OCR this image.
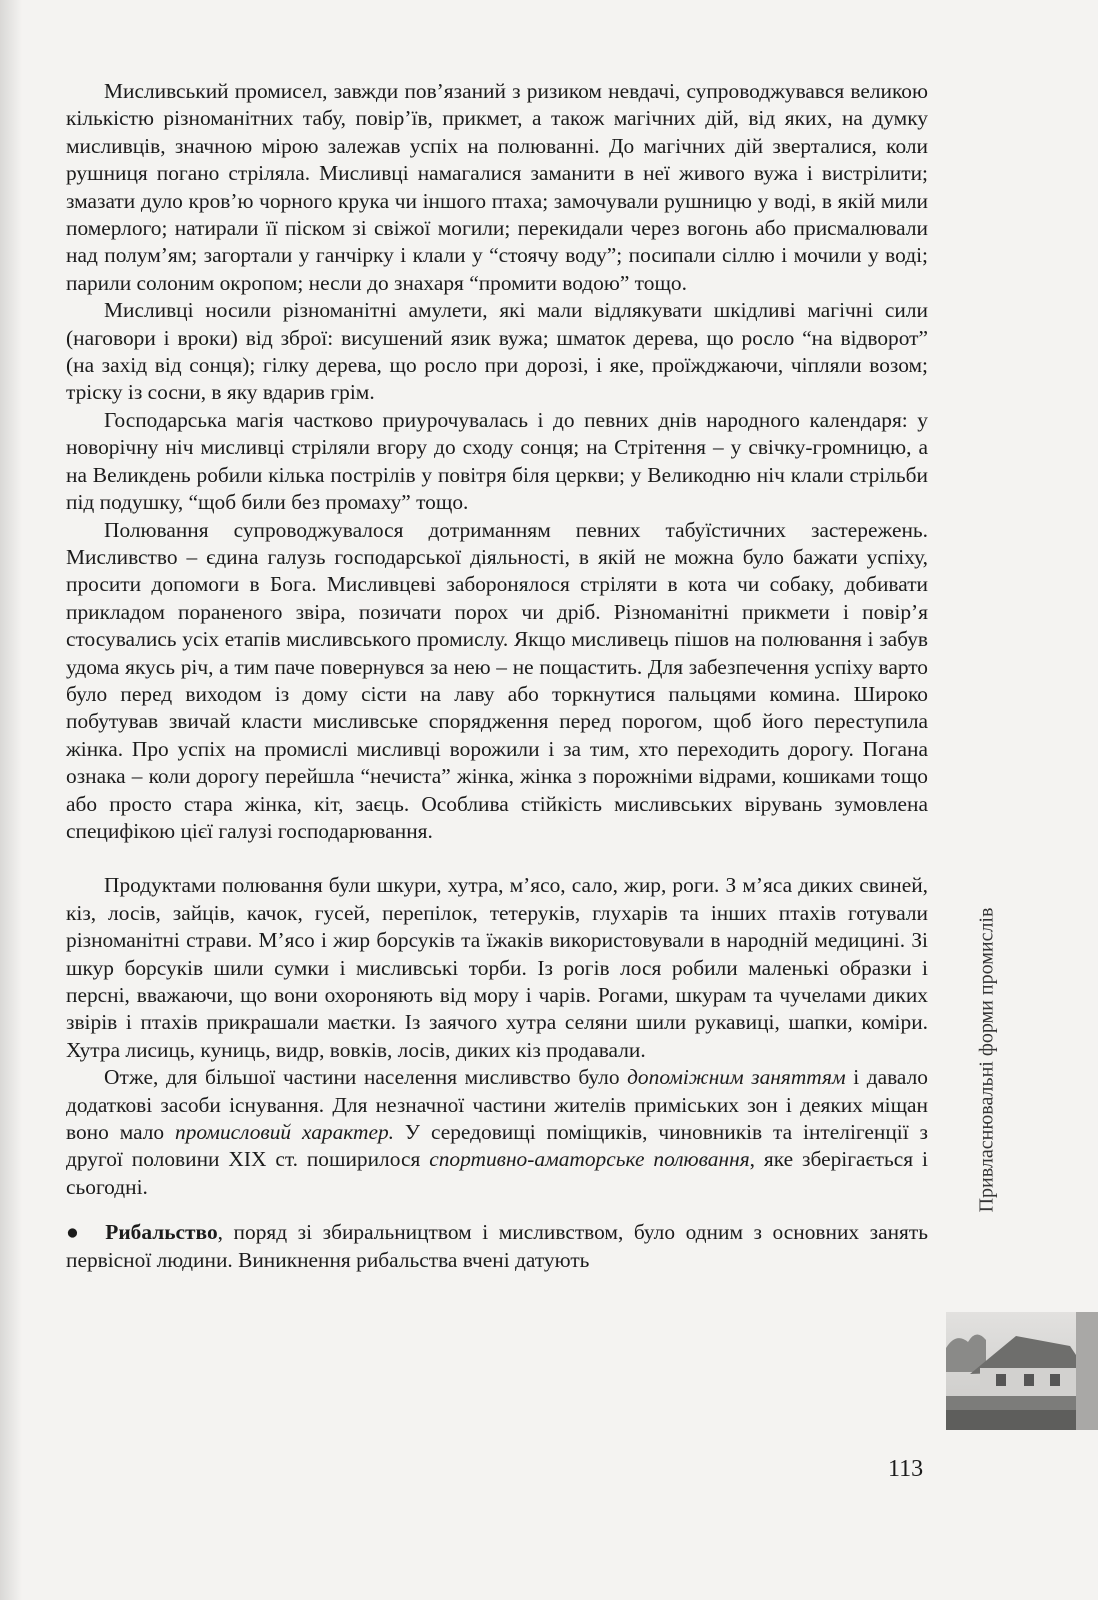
Мисливський промисел, завжди пов’язаний з ризиком невдачі, супроводжувався великою кількістю різноманітних табу, повір’їв, прикмет, а також магічних дій, від яких, на думку мисливців, значною мірою залежав успіх на полюванні. До магічних дій зверталися, коли рушниця погано стріляла. Мисливці намагалися заманити в неї живого вужа і вистрілити; змазати дуло кров’ю чорного крука чи іншого птаха; замочували рушницю у воді, в якій мили померлого; натирали її піском зі свіжої могили; перекидали через вогонь або присмалювали над полум’ям; загортали у ганчірку і клали у “стоячу воду”; посипали сіллю і мочили у воді; парили солоним окропом; несли до знахаря “промити водою” тощо.

Мисливці носили різноманітні амулети, які мали відлякувати шкідливі магічні сили (наговори і вроки) від зброї: висушений язик вужа; шматок дерева, що росло “на відворот” (на захід від сонця); гілку дерева, що росло при дорозі, і яке, проїжджаючи, чіпляли возом; тріску із сосни, в яку вдарив грім.

Господарська магія частково приурочувалась і до певних днів народного календаря: у новорічну ніч мисливці стріляли вгору до сходу сонця; на Стрітення – у свічку-громницю, а на Великдень робили кілька пострілів у повітря біля церкви; у Великодню ніч клали стрільби під подушку, “щоб били без промаху” тощо.

Полювання супроводжувалося дотриманням певних табуїстичних застережень. Мисливство – єдина галузь господарської діяльності, в якій не можна було бажати успіху, просити допомоги в Бога. Мисливцеві заборонялося стріляти в кота чи собаку, добивати прикладом пораненого звіра, позичати порох чи дріб. Різноманітні прикмети і повір’я стосувались усіх етапів мисливського промислу. Якщо мисливець пішов на полювання і забув удома якусь річ, а тим паче повернувся за нею – не пощастить. Для забезпечення успіху варто було перед виходом із дому сісти на лаву або торкнутися пальцями комина. Широко побутував звичай класти мисливське спорядження перед порогом, щоб його переступила жінка. Про успіх на промислі мисливці ворожили і за тим, хто переходить дорогу. Погана ознака – коли дорогу перейшла “нечиста” жінка, жінка з порожніми відрами, кошиками тощо або просто стара жінка, кіт, заєць. Особлива стійкість мисливських вірувань зумовлена специфікою цієї галузі господарювання.

Продуктами полювання були шкури, хутра, м’ясо, сало, жир, роги. З м’яса диких свиней, кіз, лосів, зайців, качок, гусей, перепілок, тетеруків, глухарів та інших птахів готували різноманітні страви. М’ясо і жир борсуків та їжаків використовували в народній медицині. Зі шкур борсуків шили сумки і мисливські торби. Із рогів лося робили маленькі образки і персні, вважаючи, що вони охороняють від мору і чарів. Рогами, шкурам та чучелами диких звірів і птахів прикрашали маєтки. Із заячого хутра селяни шили рукавиці, шапки, коміри. Хутра лисиць, куниць, видр, вовків, лосів, диких кіз продавали.

Отже, для більшої частини населення мисливство було допоміжним заняттям і давало додаткові засоби існування. Для незначної частини жителів приміських зон і деяких міщан воно мало промисловий характер. У середовищі поміщиків, чиновників та інтелігенції з другої половини XIX ст. поширилося спортивно-аматорське полювання, яке зберігається і сьогодні.

● Рибальство, поряд зі збиральництвом і мисливством, було одним з основних занять первісної людини. Виникнення рибальства вчені датують

Привласнювальні форми промислів
113
